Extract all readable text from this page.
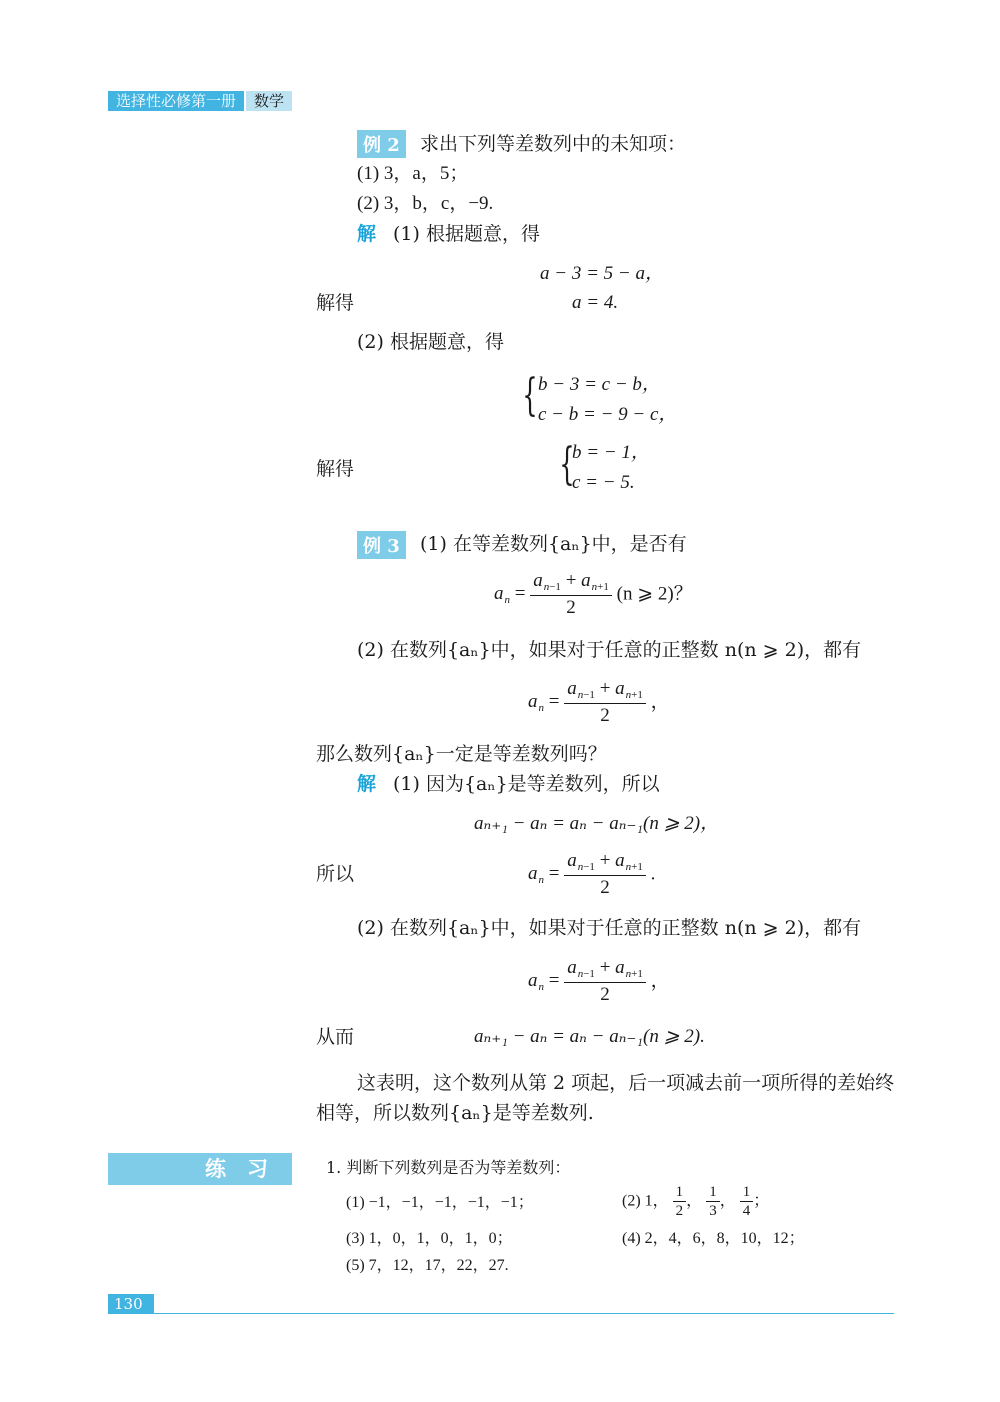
选择性必修第一册	数学
例 2	求出下列等差数列中的未知项：
(1) 3，a，5；
(2) 3，b，c，−9.
解 (1) 根据题意，得
a − 3 = 5 − a，
解得	a = 4.
(2) 根据题意，得
{ b − 3 = c − b，
c − b = − 9 − c，
解得	{
b = − 1，
c = − 5.
例 3	(1) 在等差数列{aₙ}中，是否有
$a_n = \frac{a_{n-1} + a_{n+1}}{2} (n$ ⩾ 2)？
(2) 在数列{aₙ}中，如果对于任意的正整数 n(n ⩾ 2)，都有
$a_n = \frac{a_{n-1} + a_{n+1}}{2}$ ，
那么数列{aₙ}一定是等差数列吗？
解 (1) 因为{aₙ}是等差数列，所以
aₙ₊₁ − aₙ = aₙ − aₙ₋₁(n ⩾ 2)，
所以	$a_n = \frac{a_{n-1} + a_{n+1}}{2}$ .
(2) 在数列{aₙ}中，如果对于任意的正整数 n(n ⩾ 2)，都有
$a_n = \frac{a_{n-1} + a_{n+1}}{2}$ ，
从而	aₙ₊₁ − aₙ = aₙ − aₙ₋₁(n ⩾ 2).
这表明，这个数列从第 2 项起，后一项减去前一项所得的差始终
相等，所以数列{aₙ}是等差数列.
练　习	1. 判断下列数列是否为等差数列：
(1) −1，−1，−1，−1，−1；	(2) 1， $\frac{1}{2}$ ， $\frac{1}{3}$ ， $\frac{1}{4}$ ；
(3) 1，0，1，0，1，0；	(4) 2，4，6，8，10，12；
(5) 7，12，17，22，27.
130
